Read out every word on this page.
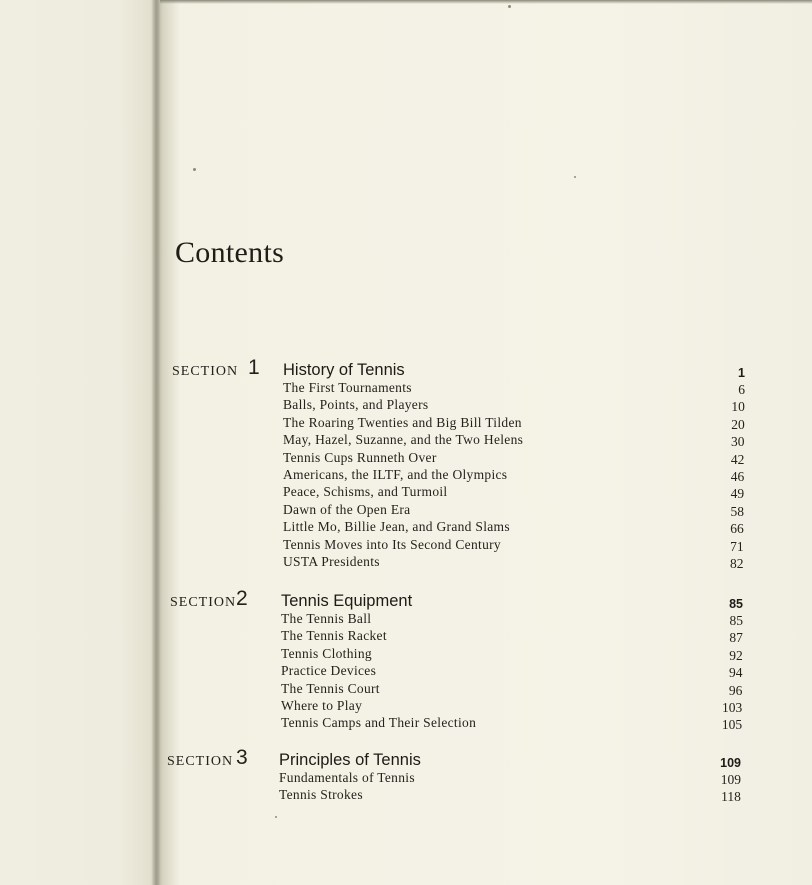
Contents
SECTION 1 History of Tennis	1
The First Tournaments	6
Balls, Points, and Players	10
The Roaring Twenties and Big Bill Tilden	20
May, Hazel, Suzanne, and the Two Helens	30
Tennis Cups Runneth Over	42
Americans, the ILTF, and the Olympics	46
Peace, Schisms, and Turmoil	49
Dawn of the Open Era	58
Little Mo, Billie Jean, and Grand Slams	66
Tennis Moves into Its Second Century	71
USTA Presidents	82
SECTION 2 Tennis Equipment	85
The Tennis Ball	85
The Tennis Racket	87
Tennis Clothing	92
Practice Devices	94
The Tennis Court	96
Where to Play	103
Tennis Camps and Their Selection	105
SECTION 3 Principles of Tennis	109
Fundamentals of Tennis	109
Tennis Strokes	118
